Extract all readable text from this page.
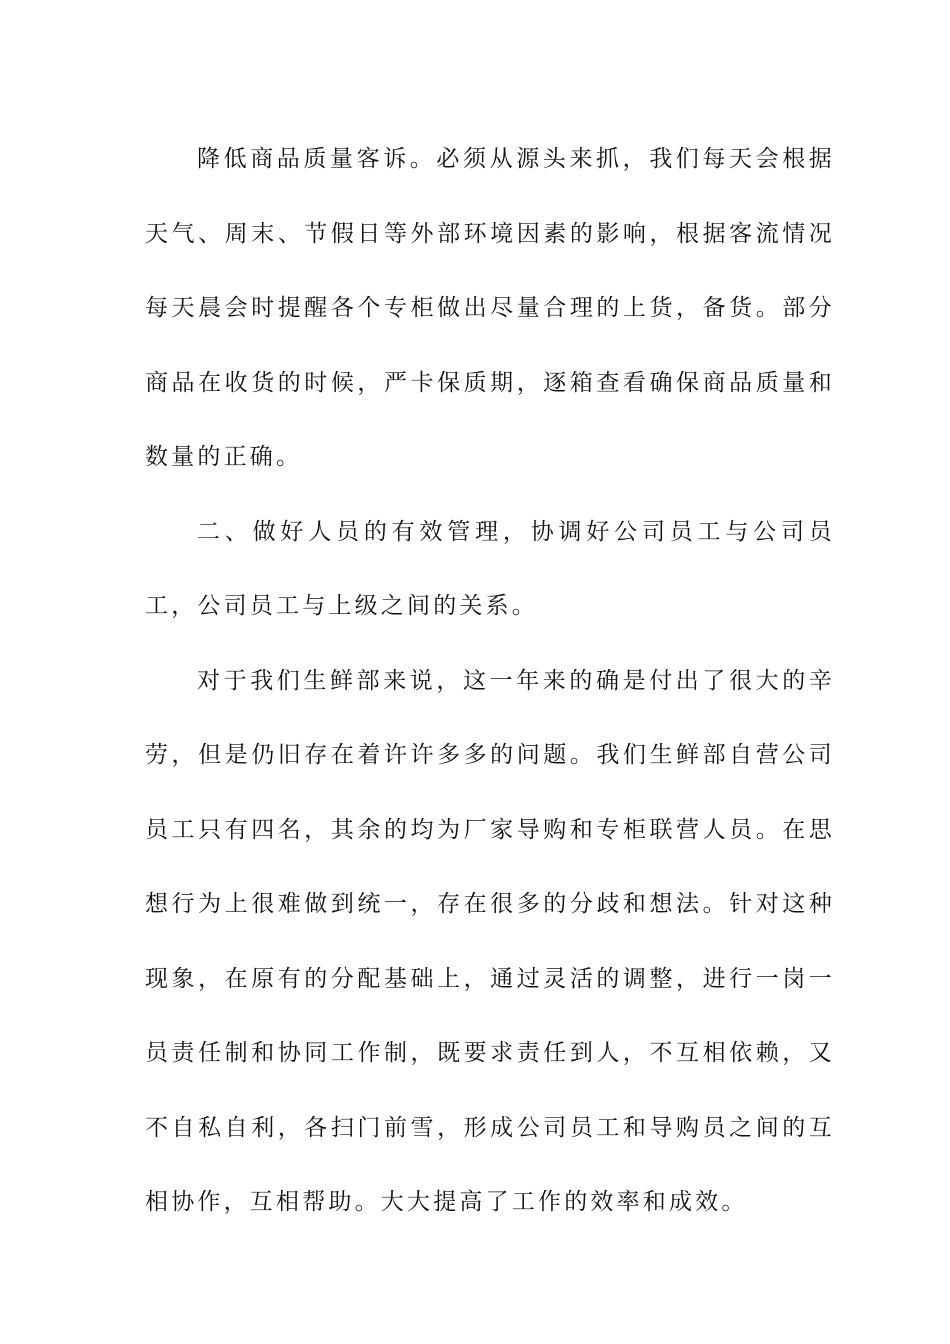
降低商品质量客诉。必须从源头来抓，我们每天会根据天气、周末、节假日等外部环境因素的影响，根据客流情况每天晨会时提醒各个专柜做出尽量合理的上货，备货。部分商品在收货的时候，严卡保质期，逐箱查看确保商品质量和数量的正确。

二、做好人员的有效管理，协调好公司员工与公司员工，公司员工与上级之间的关系。

对于我们生鲜部来说，这一年来的确是付出了很大的辛劳，但是仍旧存在着许许多多的问题。我们生鲜部自营公司员工只有四名，其余的均为厂家导购和专柜联营人员。在思想行为上很难做到统一，存在很多的分歧和想法。针对这种现象，在原有的分配基础上，通过灵活的调整，进行一岗一员责任制和协同工作制，既要求责任到人，不互相依赖，又不自私自利，各扫门前雪，形成公司员工和导购员之间的互相协作，互相帮助。大大提高了工作的效率和成效。
